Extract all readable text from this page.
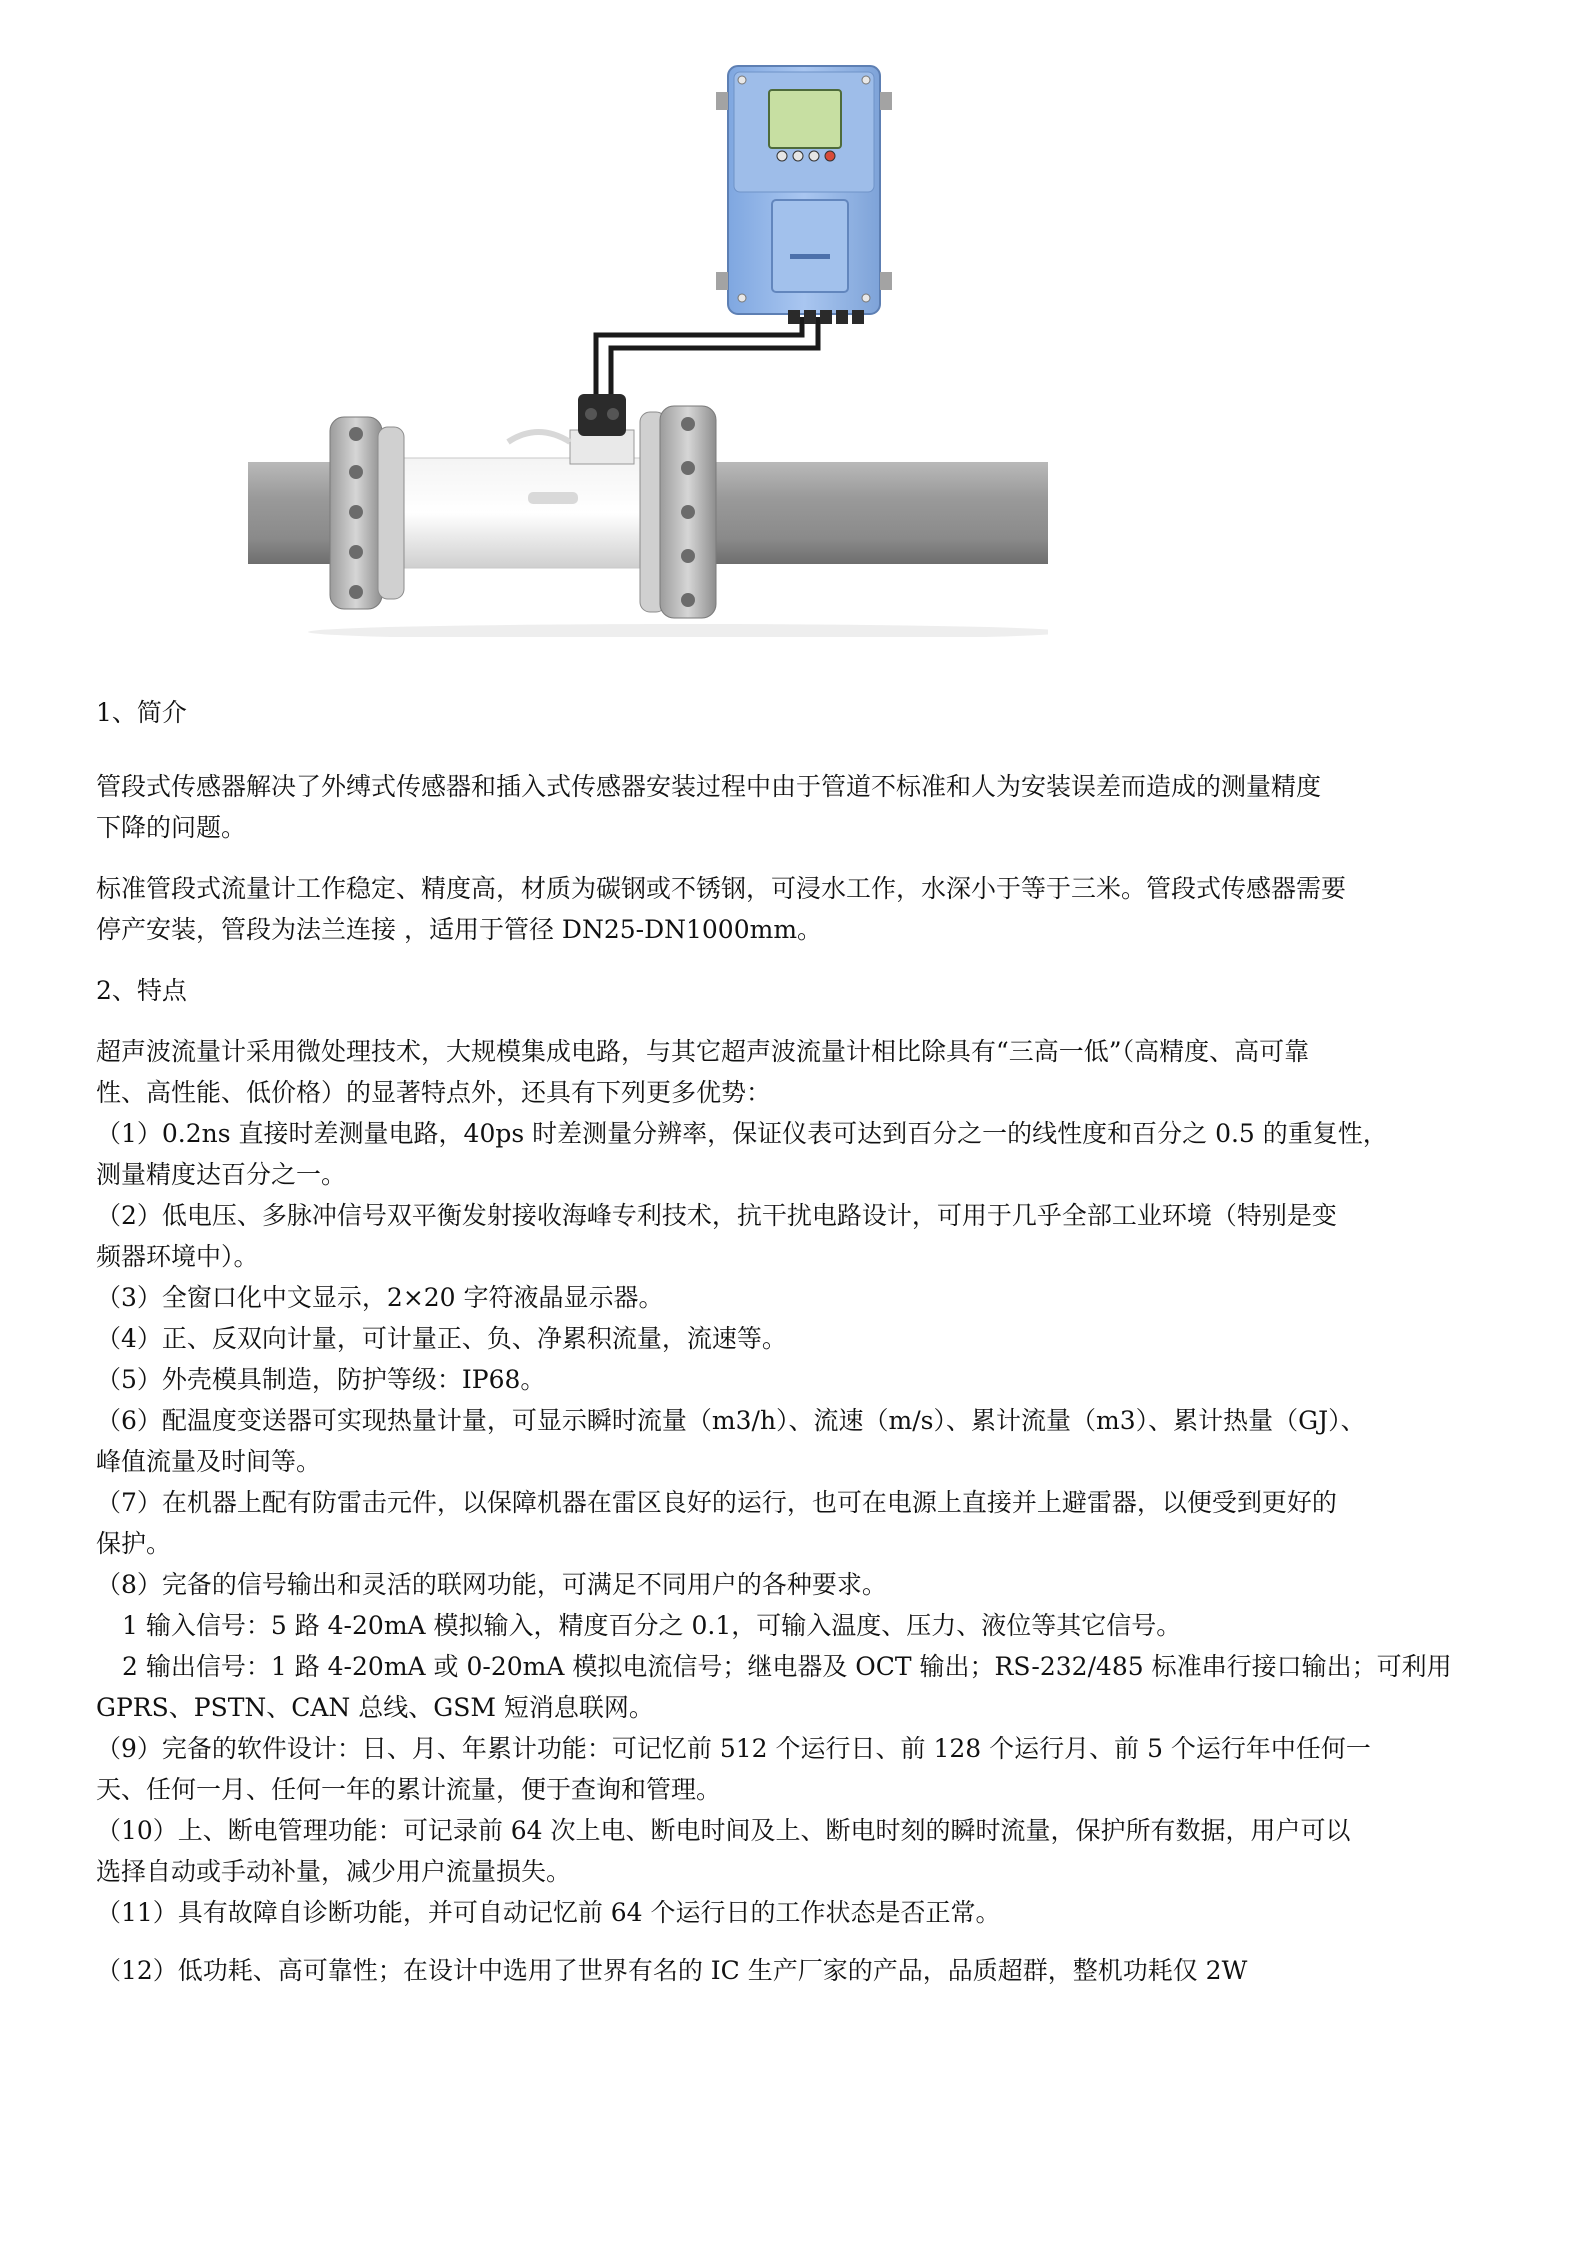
1、简介

管段式传感器解决了外缚式传感器和插入式传感器安装过程中由于管道不标准和人为安装误差而造成的测量精度

下降的问题。

标准管段式流量计工作稳定、精度高，材质为碳钢或不锈钢，可浸水工作，水深小于等于三米。管段式传感器需要

停产安装，管段为法兰连接 ，适用于管径 DN25-DN1000mm。

2、特点

超声波流量计采用微处理技术，大规模集成电路，与其它超声波流量计相比除具有“三高一低”（高精度、高可靠

性、高性能、低价格）的显著特点外，还具有下列更多优势：

（1）0.2ns 直接时差测量电路，40ps 时差测量分辨率，保证仪表可达到百分之一的线性度和百分之 0.5 的重复性，

测量精度达百分之一。

（2）低电压、多脉冲信号双平衡发射接收海峰专利技术，抗干扰电路设计，可用于几乎全部工业环境（特别是变

频器环境中）。

（3）全窗口化中文显示，2×20 字符液晶显示器。

（4）正、反双向计量，可计量正、负、净累积流量，流速等。

（5）外壳模具制造，防护等级：IP68。

（6）配温度变送器可实现热量计量，可显示瞬时流量（m3/h）、流速（m/s）、累计流量（m3）、累计热量（GJ）、

峰值流量及时间等。

（7）在机器上配有防雷击元件，以保障机器在雷区良好的运行，也可在电源上直接并上避雷器，以便受到更好的

保护。

（8）完备的信号输出和灵活的联网功能，可满足不同用户的各种要求。

1 输入信号：5 路 4-20mA 模拟输入，精度百分之 0.1，可输入温度、压力、液位等其它信号。

2 输出信号：1 路 4-20mA 或 0-20mA 模拟电流信号；继电器及 OCT 输出；RS-232/485 标准串行接口输出；可利用

GPRS、PSTN、CAN 总线、GSM 短消息联网。

（9）完备的软件设计：日、月、年累计功能：可记忆前 512 个运行日、前 128 个运行月、前 5 个运行年中任何一

天、任何一月、任何一年的累计流量，便于查询和管理。

（10）上、断电管理功能：可记录前 64 次上电、断电时间及上、断电时刻的瞬时流量，保护所有数据，用户可以

选择自动或手动补量，减少用户流量损失。

（11）具有故障自诊断功能，并可自动记忆前 64 个运行日的工作状态是否正常。

（12）低功耗、高可靠性；在设计中选用了世界有名的 IC 生产厂家的产品，品质超群，整机功耗仅 2W
